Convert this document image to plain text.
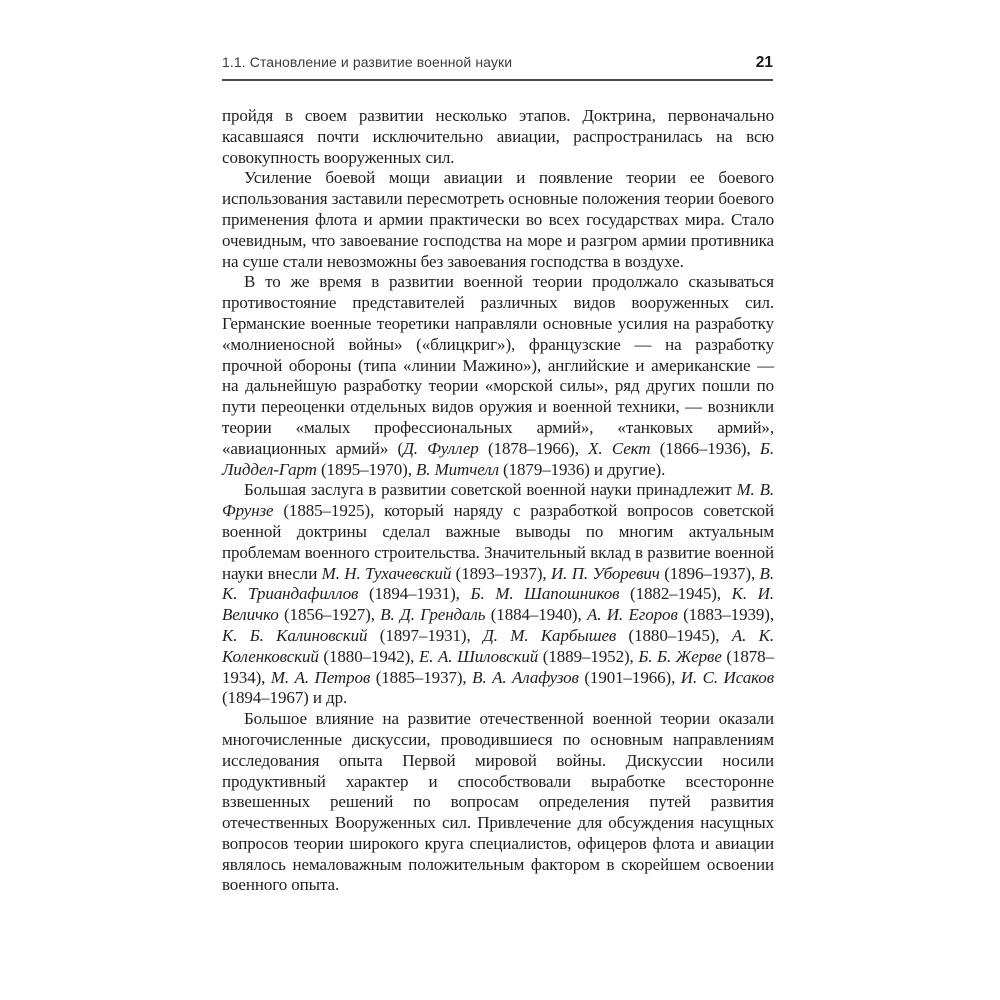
1.1. Становление и развитие военной науки	21

пройдя в своем развитии несколько этапов. Доктрина, первоначально касавшаяся почти исключительно авиации, распространилась на всю совокупность вооруженных сил.

Усиление боевой мощи авиации и появление теории ее боевого использования заставили пересмотреть основные положения теории боевого применения флота и армии практически во всех государствах мира. Стало очевидным, что завоевание господства на море и разгром армии противника на суше стали невозможны без завоевания господства в воздухе.

В то же время в развитии военной теории продолжало сказываться противостояние представителей различных видов вооруженных сил. Германские военные теоретики направляли основные усилия на разработку «молниеносной войны» («блицкриг»), французские — на разработку прочной обороны (типа «линии Мажино»), английские и американские — на дальнейшую разработку теории «морской силы», ряд других пошли по пути переоценки отдельных видов оружия и военной техники, — возникли теории «малых профессиональных армий», «танковых армий», «авиационных армий» (Д. Фуллер (1878–1966), Х. Сект (1866–1936), Б. Лиддел-Гарт (1895–1970), В. Митчелл (1879–1936) и другие).

Большая заслуга в развитии советской военной науки принадлежит М. В. Фрунзе (1885–1925), который наряду с разработкой вопросов советской военной доктрины сделал важные выводы по многим актуальным проблемам военного строительства. Значительный вклад в развитие военной науки внесли М. Н. Тухачевский (1893–1937), И. П. Уборевич (1896–1937), В. К. Триандафиллов (1894–1931), Б. М. Шапошников (1882–1945), К. И. Величко (1856–1927), В. Д. Грендаль (1884–1940), А. И. Егоров (1883–1939), К. Б. Калиновский (1897–1931), Д. М. Карбышев (1880–1945), А. К. Коленковский (1880–1942), Е. А. Шиловский (1889–1952), Б. Б. Жерве (1878–1934), М. А. Петров (1885–1937), В. А. Алафузов (1901–1966), И. С. Исаков (1894–1967) и др.

Большое влияние на развитие отечественной военной теории оказали многочисленные дискуссии, проводившиеся по основным направлениям исследования опыта Первой мировой войны. Дискуссии носили продуктивный характер и способствовали выработке всесторонне взвешенных решений по вопросам определения путей развития отечественных Вооруженных сил. Привлечение для обсуждения насущных вопросов теории широкого круга специалистов, офицеров флота и авиации являлось немаловажным положительным фактором в скорейшем освоении военного опыта.
